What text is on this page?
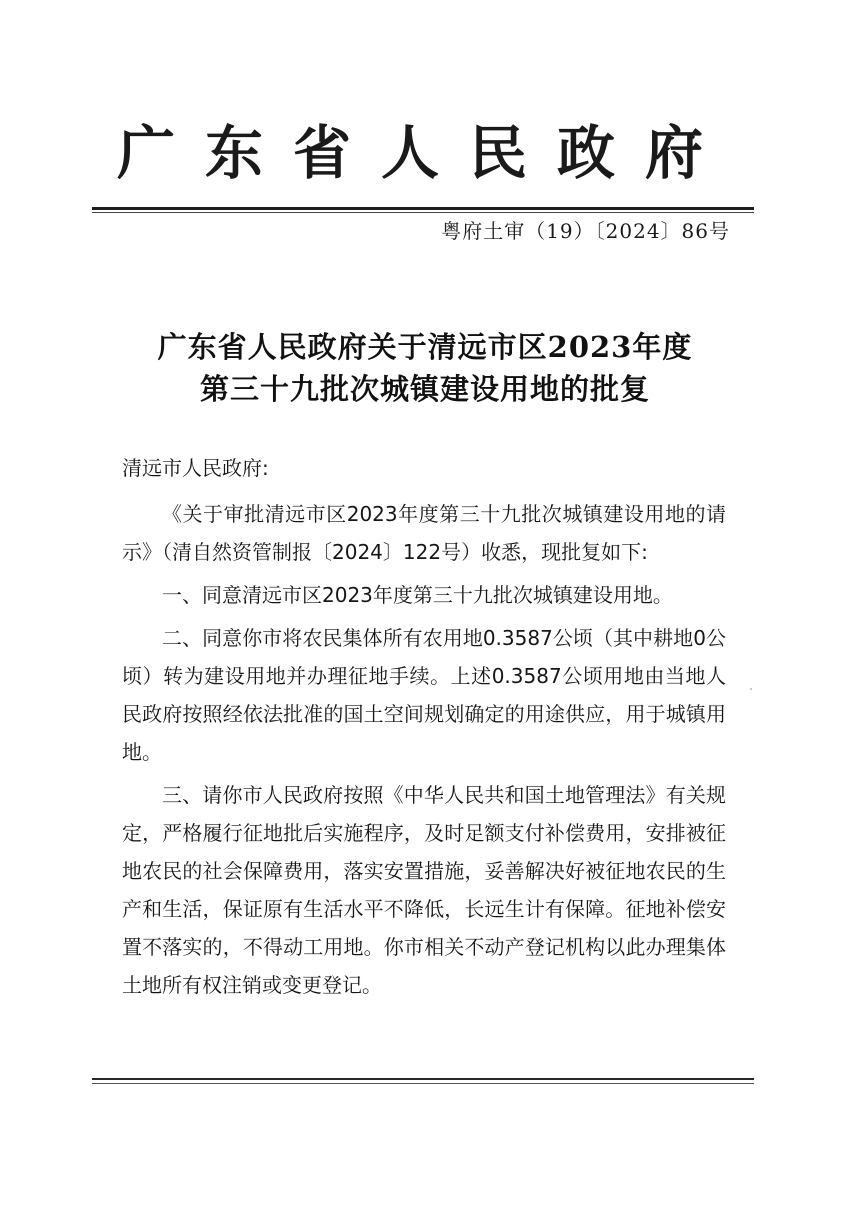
广东省人民政府
粤府土审（19）〔2024〕86号
广东省人民政府关于清远市区2023年度
第三十九批次城镇建设用地的批复

清远市人民政府:

《关于审批清远市区2023年度第三十九批次城镇建设用地的请示》（清自然资管制报〔2024〕122号）收悉，现批复如下:

一、同意清远市区2023年度第三十九批次城镇建设用地。

二、同意你市将农民集体所有农用地0.3587公顷（其中耕地0公顷）转为建设用地并办理征地手续。上述0.3587公顷用地由当地人民政府按照经依法批准的国土空间规划确定的用途供应，用于城镇用地。

三、请你市人民政府按照《中华人民共和国土地管理法》有关规定，严格履行征地批后实施程序，及时足额支付补偿费用，安排被征地农民的社会保障费用，落实安置措施，妥善解决好被征地农民的生产和生活，保证原有生活水平不降低，长远生计有保障。征地补偿安置不落实的，不得动工用地。你市相关不动产登记机构以此办理集体土地所有权注销或变更登记。
